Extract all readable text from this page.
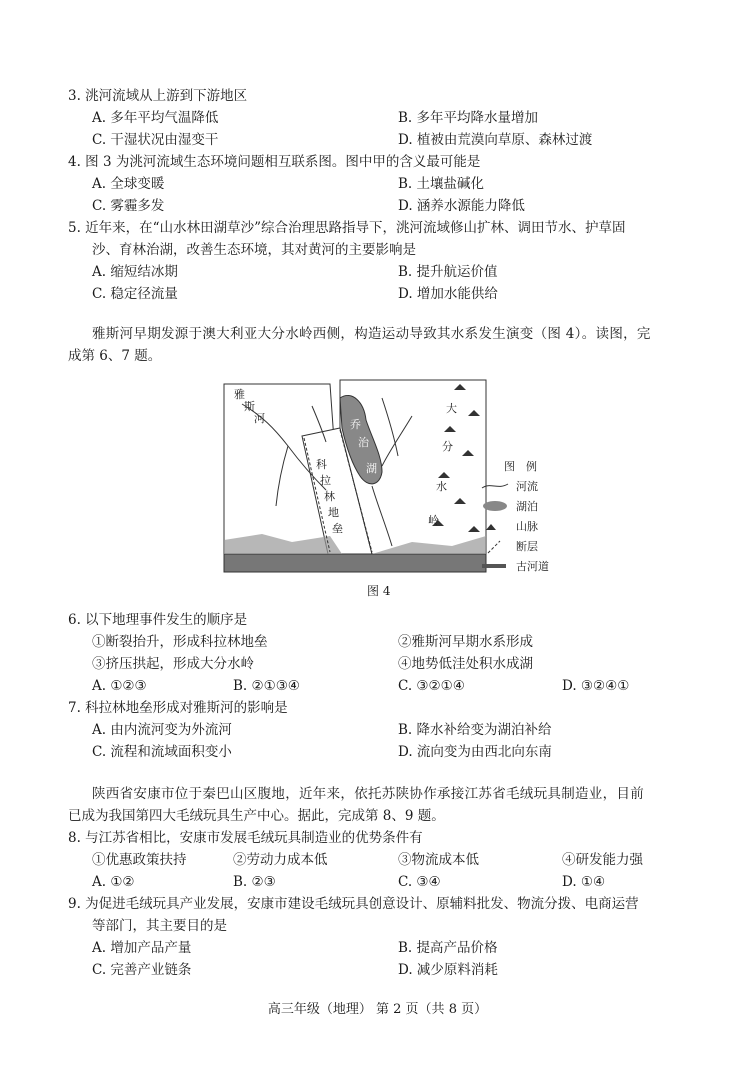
3. 洮河流域从上游到下游地区
A. 多年平均气温降低	B. 多年平均降水量增加
C. 干湿状况由湿变干	D. 植被由荒漠向草原、森林过渡
4. 图 3 为洮河流域生态环境问题相互联系图。图中甲的含义最可能是
A. 全球变暖	B. 土壤盐碱化
C. 雾霾多发	D. 涵养水源能力降低
5. 近年来，在“山水林田湖草沙”综合治理思路指导下，洮河流域修山扩林、调田节水、护草固
沙、育林治湖，改善生态环境，其对黄河的主要影响是
A. 缩短结冰期	B. 提升航运价值
C. 稳定径流量	D. 增加水能供给
雅斯河早期发源于澳大利亚大分水岭西侧，构造运动导致其水系发生演变（图 4）。读图，完
成第 6、7 题。
雅
斯
河	乔
治
湖
科
拉
林
地
垒
大
分
水
岭
图　例
河流
湖泊
山脉
断层
古河道
图 4
6. 以下地理事件发生的顺序是
①断裂抬升，形成科拉林地垒	②雅斯河早期水系形成
③挤压拱起，形成大分水岭	④地势低洼处积水成湖
A. ①②③	B. ②①③④	C. ③②①④	D. ③②④①
7. 科拉林地垒形成对雅斯河的影响是
A. 由内流河变为外流河	B. 降水补给变为湖泊补给
C. 流程和流域面积变小	D. 流向变为由西北向东南
陕西省安康市位于秦巴山区腹地，近年来，依托苏陕协作承接江苏省毛绒玩具制造业，目前
已成为我国第四大毛绒玩具生产中心。据此，完成第 8、9 题。
8. 与江苏省相比，安康市发展毛绒玩具制造业的优势条件有
①优惠政策扶持	②劳动力成本低	③物流成本低	④研发能力强
A. ①②	B. ②③	C. ③④	D. ①④
9. 为促进毛绒玩具产业发展，安康市建设毛绒玩具创意设计、原辅料批发、物流分拨、电商运营
等部门，其主要目的是
A. 增加产品产量	B. 提高产品价格
C. 完善产业链条	D. 减少原料消耗
高三年级（地理） 第 2 页（共 8 页）
